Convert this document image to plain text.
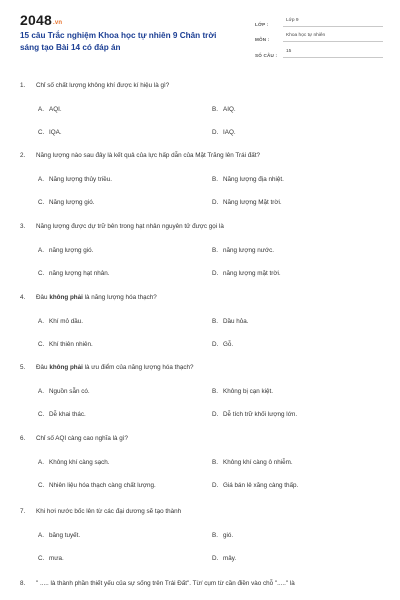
2048.vn
15 câu Trắc nghiệm Khoa học tự nhiên 9 Chân trời sáng tạo Bài 14 có đáp án
LỚP :
Lớp 9
MÔN :
Khoa học tự nhiên
SỐ CÂU :
15
1. Chỉ số chất lượng không khí được kí hiệu là gì?
A. AQI.	B. AIQ.
C. IQA.	D. IAQ.
2. Năng lượng nào sau đây là kết quả của lực hấp dẫn của Mặt Trăng lên Trái đất?
A. Năng lượng thủy triều.	B. Năng lượng địa nhiệt.
C. Năng lượng gió.	D. Năng lượng Mặt trời.
3. Năng lượng được dự trữ bên trong hạt nhân nguyên tử được gọi là
A. năng lượng gió.	B. năng lượng nước.
C. năng lượng hạt nhân.	D. năng lượng mặt trời.
4. Đâu không phải là năng lượng hóa thạch?
A. Khí mỏ dầu.	B. Dầu hỏa.
C. Khí thiên nhiên.	D. Gỗ.
5. Đâu không phải là ưu điểm của năng lượng hóa thạch?
A. Nguồn sẵn có.	B. Không bị cạn kiệt.
C. Dễ khai thác.	D. Dễ tích trữ khối lượng lớn.
6. Chỉ số AQI càng cao nghĩa là gì?
A. Không khí càng sạch.	B. Không khí càng ô nhiễm.
C. Nhiên liệu hóa thạch càng chất lượng.	D. Giá bán lẻ xăng càng thấp.
7. Khi hơi nước bốc lên từ các đại dương sẽ tạo thành
A. băng tuyết.	B. gió.
C. mưa.	D. mây.
8. " ..... là thành phần thiết yếu của sự sống trên Trái Đất". Từ/ cụm từ cần điền vào chỗ "....." là
